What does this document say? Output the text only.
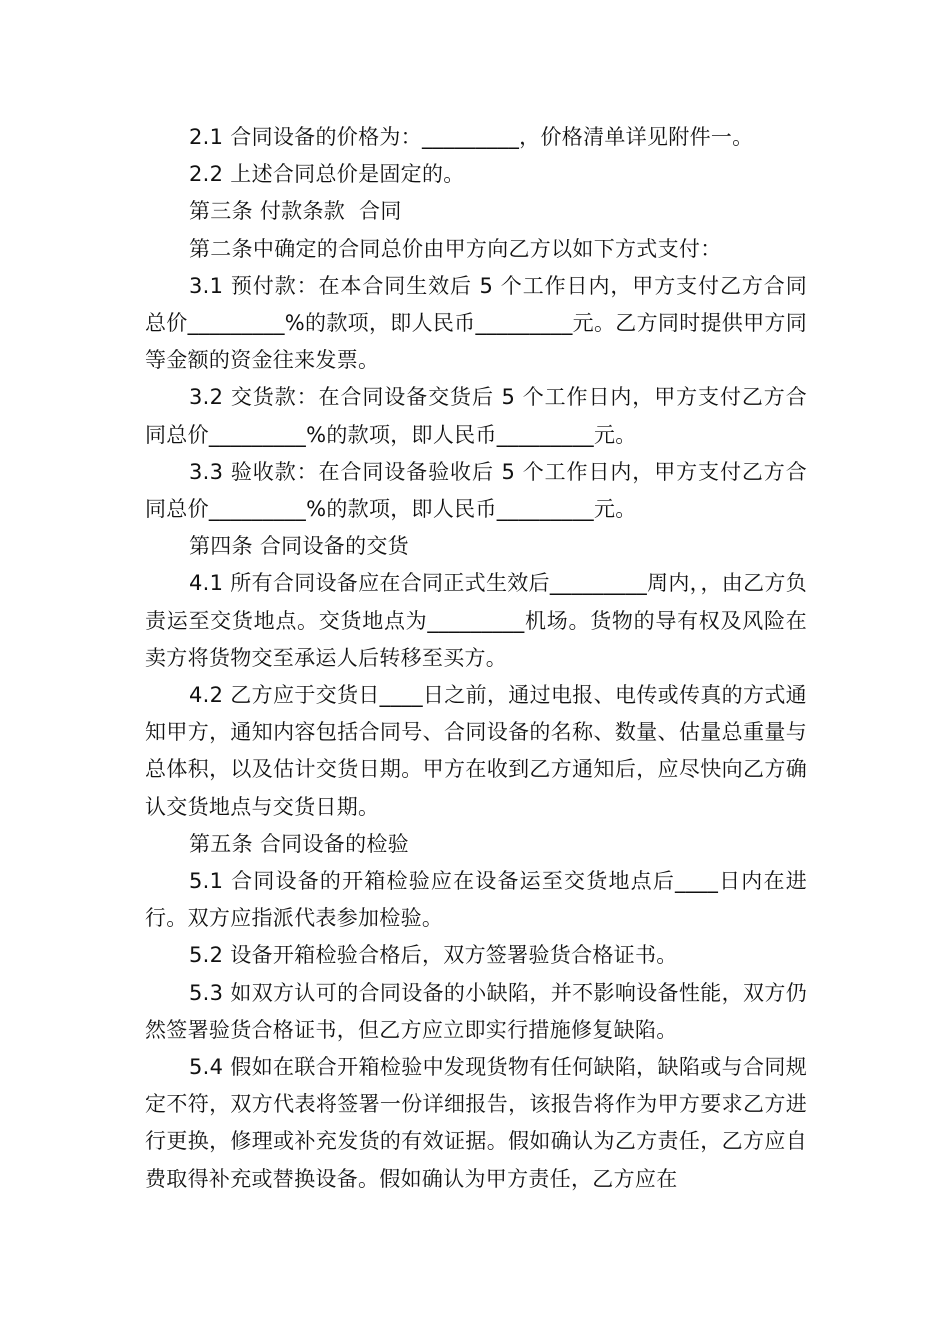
2.1 合同设备的价格为：_________，价格清单详见附件一。

2.2 上述合同总价是固定的。

第三条 付款条款  合同

第二条中确定的合同总价由甲方向乙方以如下方式支付：

3.1 预付款：在本合同生效后 5 个工作日内，甲方支付乙方合同总价_________%的款项，即人民币_________元。乙方同时提供甲方同等金额的资金往来发票。

3.2 交货款：在合同设备交货后 5 个工作日内，甲方支付乙方合同总价_________%的款项，即人民币_________元。

3.3 验收款：在合同设备验收后 5 个工作日内，甲方支付乙方合同总价_________%的款项，即人民币_________元。

第四条 合同设备的交货

4.1 所有合同设备应在合同正式生效后_________周内，，由乙方负责运至交货地点。交货地点为_________机场。货物的导有权及风险在卖方将货物交至承运人后转移至买方。

4.2 乙方应于交货日____日之前，通过电报、电传或传真的方式通知甲方，通知内容包括合同号、合同设备的名称、数量、估量总重量与总体积，以及估计交货日期。甲方在收到乙方通知后，应尽快向乙方确认交货地点与交货日期。

第五条 合同设备的检验

5.1 合同设备的开箱检验应在设备运至交货地点后____日内在进行。双方应指派代表参加检验。

5.2 设备开箱检验合格后，双方签署验货合格证书。

5.3 如双方认可的合同设备的小缺陷，并不影响设备性能，双方仍然签署验货合格证书，但乙方应立即实行措施修复缺陷。

5.4 假如在联合开箱检验中发现货物有任何缺陷，缺陷或与合同规定不符，双方代表将签署一份详细报告，该报告将作为甲方要求乙方进行更换，修理或补充发货的有效证据。假如确认为乙方责任，乙方应自费取得补充或替换设备。假如确认为甲方责任，乙方应在
